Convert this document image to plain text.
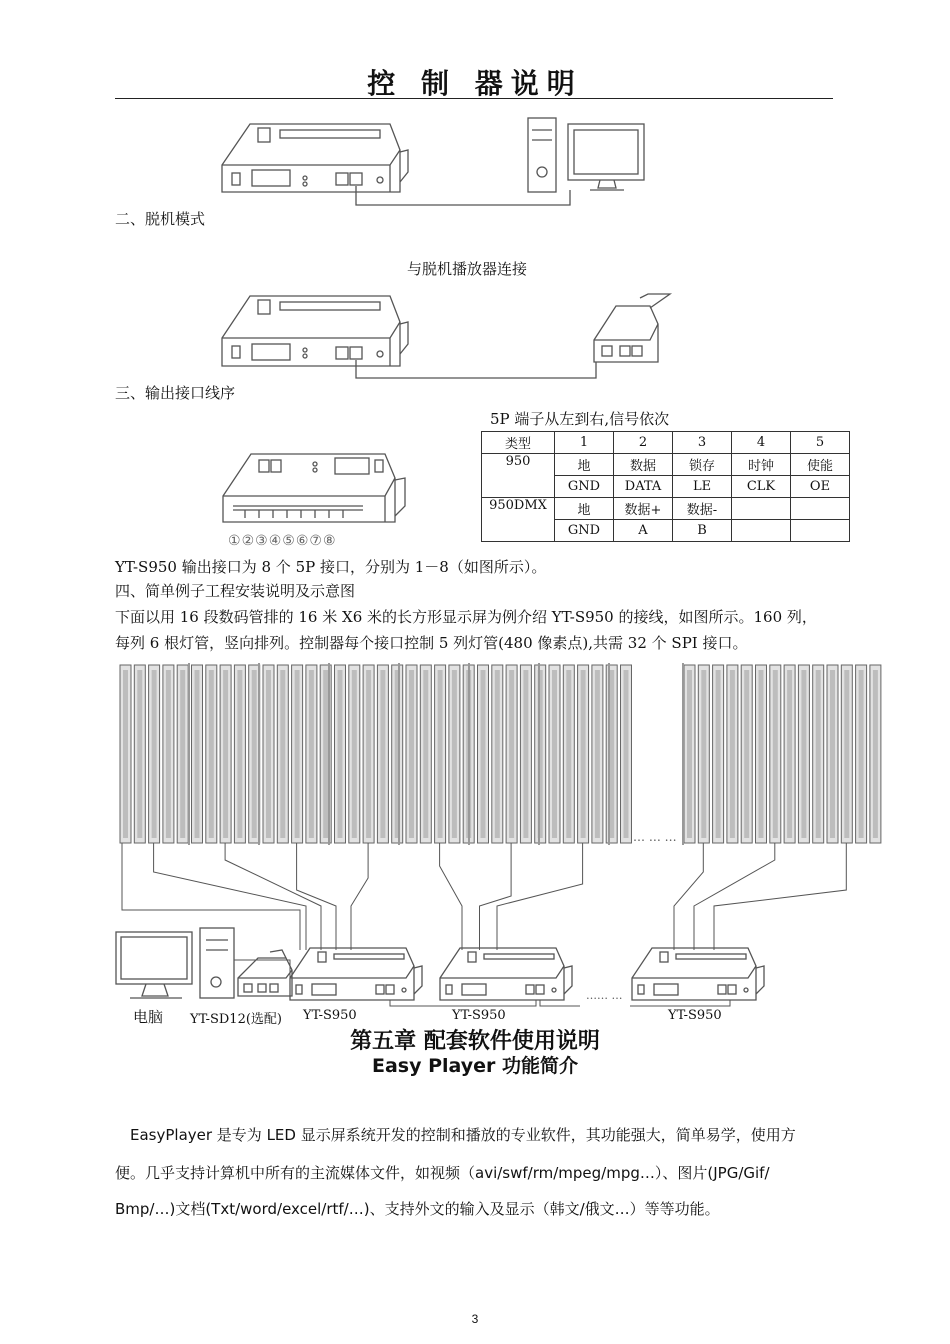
控 制 器说明
二、脱机模式
与脱机播放器连接
三、输出接口线序
5P 端子从左到右,信号依次
①②③④⑤⑥⑦⑧
类型	1	2	3	4	5
950	地	数据	锁存	时钟	使能
	GND	DATA	LE	CLK	OE
950DMX	地	数据+	数据-		
	GND	A	B		
YT-S950 输出接口为 8 个 5P 接口，分别为 1－8（如图所示）。
四、简单例子工程安装说明及示意图
下面以用 16 段数码管排的 16 米 X6 米的长方形显示屏为例介绍 YT-S950 的接线，如图所示。160 列，
每列 6 根灯管，竖向排列。控制器每个接口控制 5 列灯管(480 像素点),共需 32 个 SPI 接口。
… … …
…… …
电脑 YT-SD12(选配) YT-S950	YT-S950	YT-S950
第五章 配套软件使用说明
Easy Player 功能简介
EasyPlayer 是专为 LED 显示屏系统开发的控制和播放的专业软件，其功能强大，简单易学，使用方
便。几乎支持计算机中所有的主流媒体文件，如视频（avi/swf/rm/mpeg/mpg…）、图片(JPG/Gif/
Bmp/…)文档(Txt/word/excel/rtf/…)、支持外文的输入及显示（韩文/俄文…）等等功能。
3
